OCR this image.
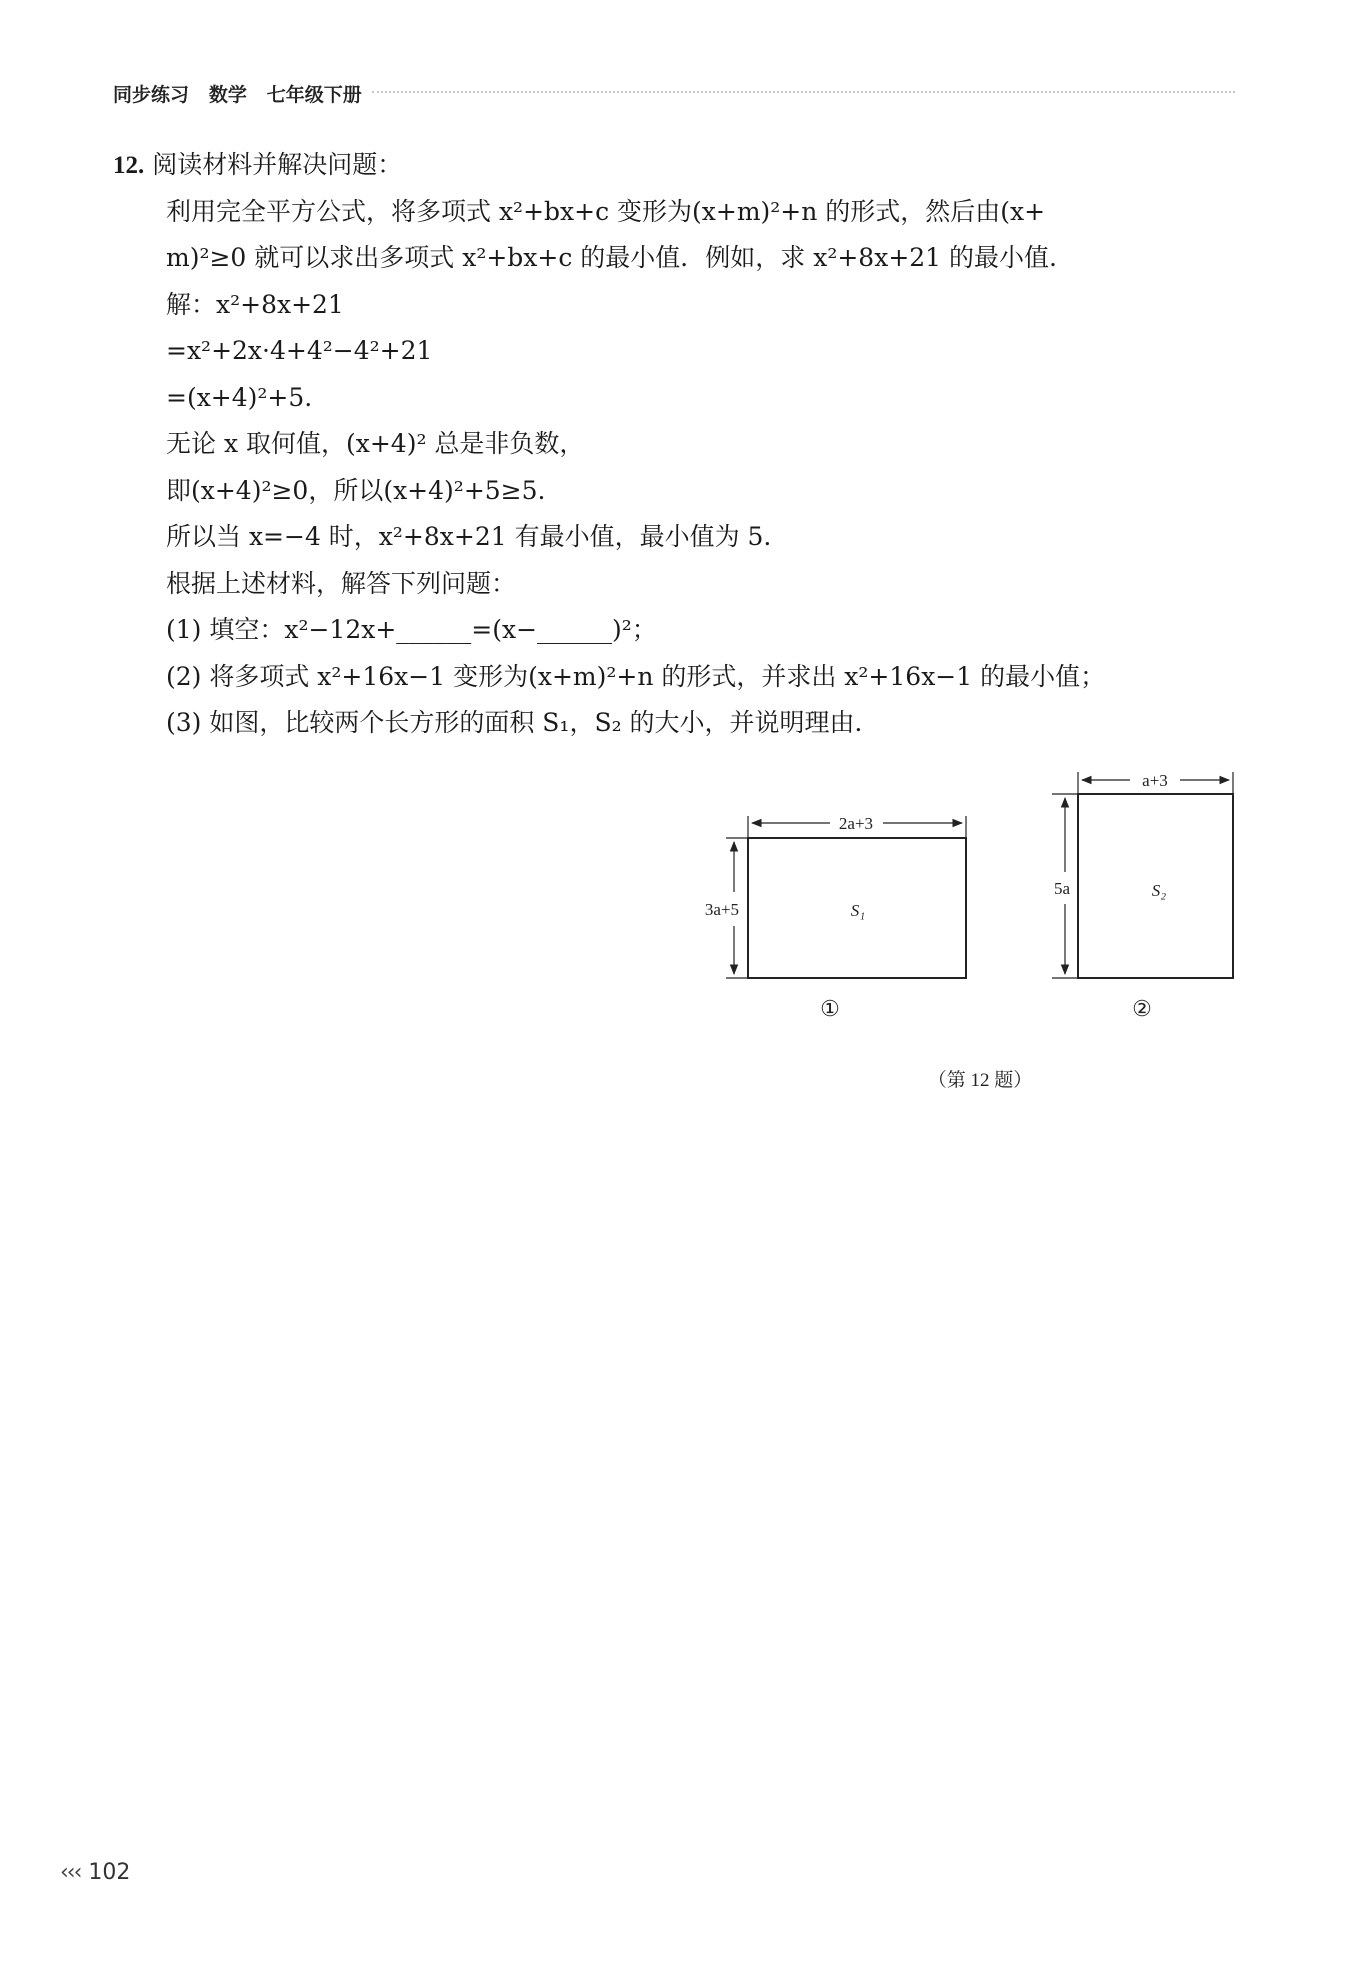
同步练习   数学   七年级下册
12. 阅读材料并解决问题：
利用完全平方公式，将多项式 x²+bx+c 变形为(x+m)²+n 的形式，然后由(x+
m)²≥0 就可以求出多项式 x²+bx+c 的最小值．例如，求 x²+8x+21 的最小值.
解：x²+8x+21
=x²+2x·4+4²−4²+21
=(x+4)²+5.
无论 x 取何值，(x+4)² 总是非负数，
即(x+4)²≥0，所以(x+4)²+5≥5.
所以当 x=−4 时，x²+8x+21 有最小值，最小值为 5.
根据上述材料，解答下列问题：
(1) 填空：x²−12x+______=(x−______)²；
(2) 将多项式 x²+16x−1 变形为(x+m)²+n 的形式，并求出 x²+16x−1 的最小值；
(3) 如图，比较两个长方形的面积 S₁，S₂ 的大小，并说明理由．
2a+3
3a+5	S₁
①
a+3
5a	S₂
②
（第 12 题）
‹‹‹ 102
